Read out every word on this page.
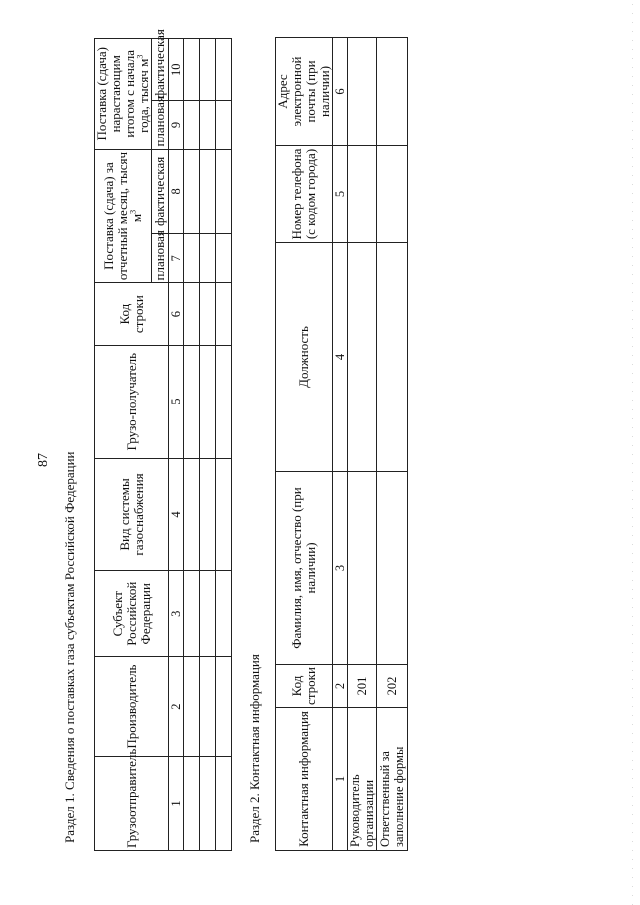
87 Раздел 1. Сведения о поставках газа субъектам Российской Федерации	Грузоотправитель	Производитель	Субъект Российской Федерации	Вид системы газоснабжения	Грузо-получатель	Код строки	Поставка (сдача) за отчетный месяц, тысяч $м^3$		Поставка (сдача) нарастающим итогом с начала года, тысяч $м^3$
						плановая	фактическая	плановая	фактическая
1	2	3	4	5	6	7	8	9	10

Раздел 2. Контактная информация	Контактная информация	Код строки	Фамилия, имя, отчество (при наличии)	Должность	Номер телефона (с кодом города)	Адрес электронной почты (при наличии)
1	2	3	4	5	6
Руководитель организации	201				
Ответственный за заполнение формы	202				
